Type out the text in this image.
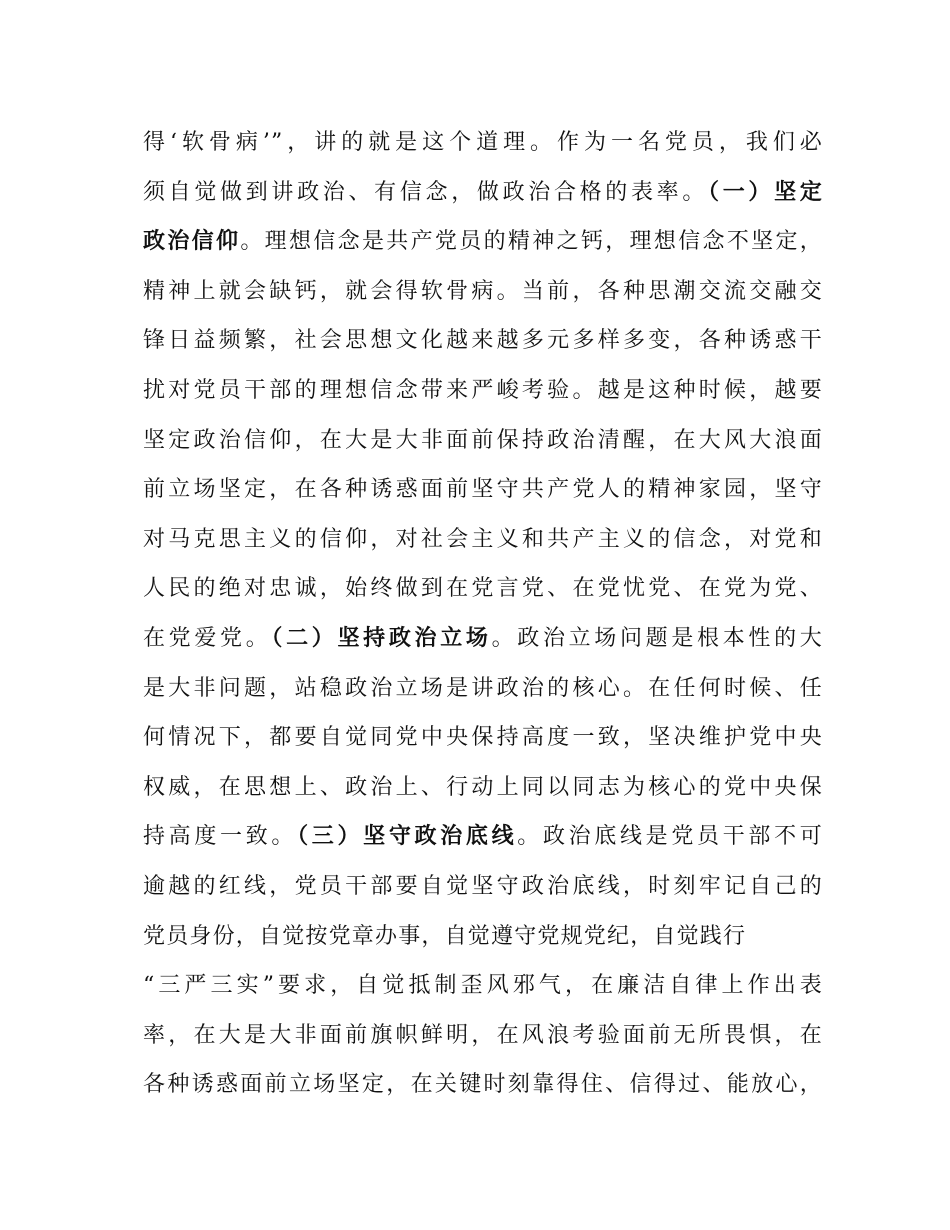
得‘软骨病’”，讲的就是这个道理。作为一名党员，我们必
须自觉做到讲政治、有信念，做政治合格的表率。（一）坚定
政治信仰。理想信念是共产党员的精神之钙，理想信念不坚定，
精神上就会缺钙，就会得软骨病。当前，各种思潮交流交融交
锋日益频繁，社会思想文化越来越多元多样多变，各种诱惑干
扰对党员干部的理想信念带来严峻考验。越是这种时候，越要
坚定政治信仰，在大是大非面前保持政治清醒，在大风大浪面
前立场坚定，在各种诱惑面前坚守共产党人的精神家园，坚守
对马克思主义的信仰，对社会主义和共产主义的信念，对党和
人民的绝对忠诚，始终做到在党言党、在党忧党、在党为党、
在党爱党。（二）坚持政治立场。政治立场问题是根本性的大
是大非问题，站稳政治立场是讲政治的核心。在任何时候、任
何情况下，都要自觉同党中央保持高度一致，坚决维护党中央
权威，在思想上、政治上、行动上同以同志为核心的党中央保
持高度一致。（三）坚守政治底线。政治底线是党员干部不可
逾越的红线，党员干部要自觉坚守政治底线，时刻牢记自己的
党员身份，自觉按党章办事，自觉遵守党规党纪，自觉践行
“三严三实”要求，自觉抵制歪风邪气，在廉洁自律上作出表
率，在大是大非面前旗帜鲜明，在风浪考验面前无所畏惧，在
各种诱惑面前立场坚定，在关键时刻靠得住、信得过、能放心，
